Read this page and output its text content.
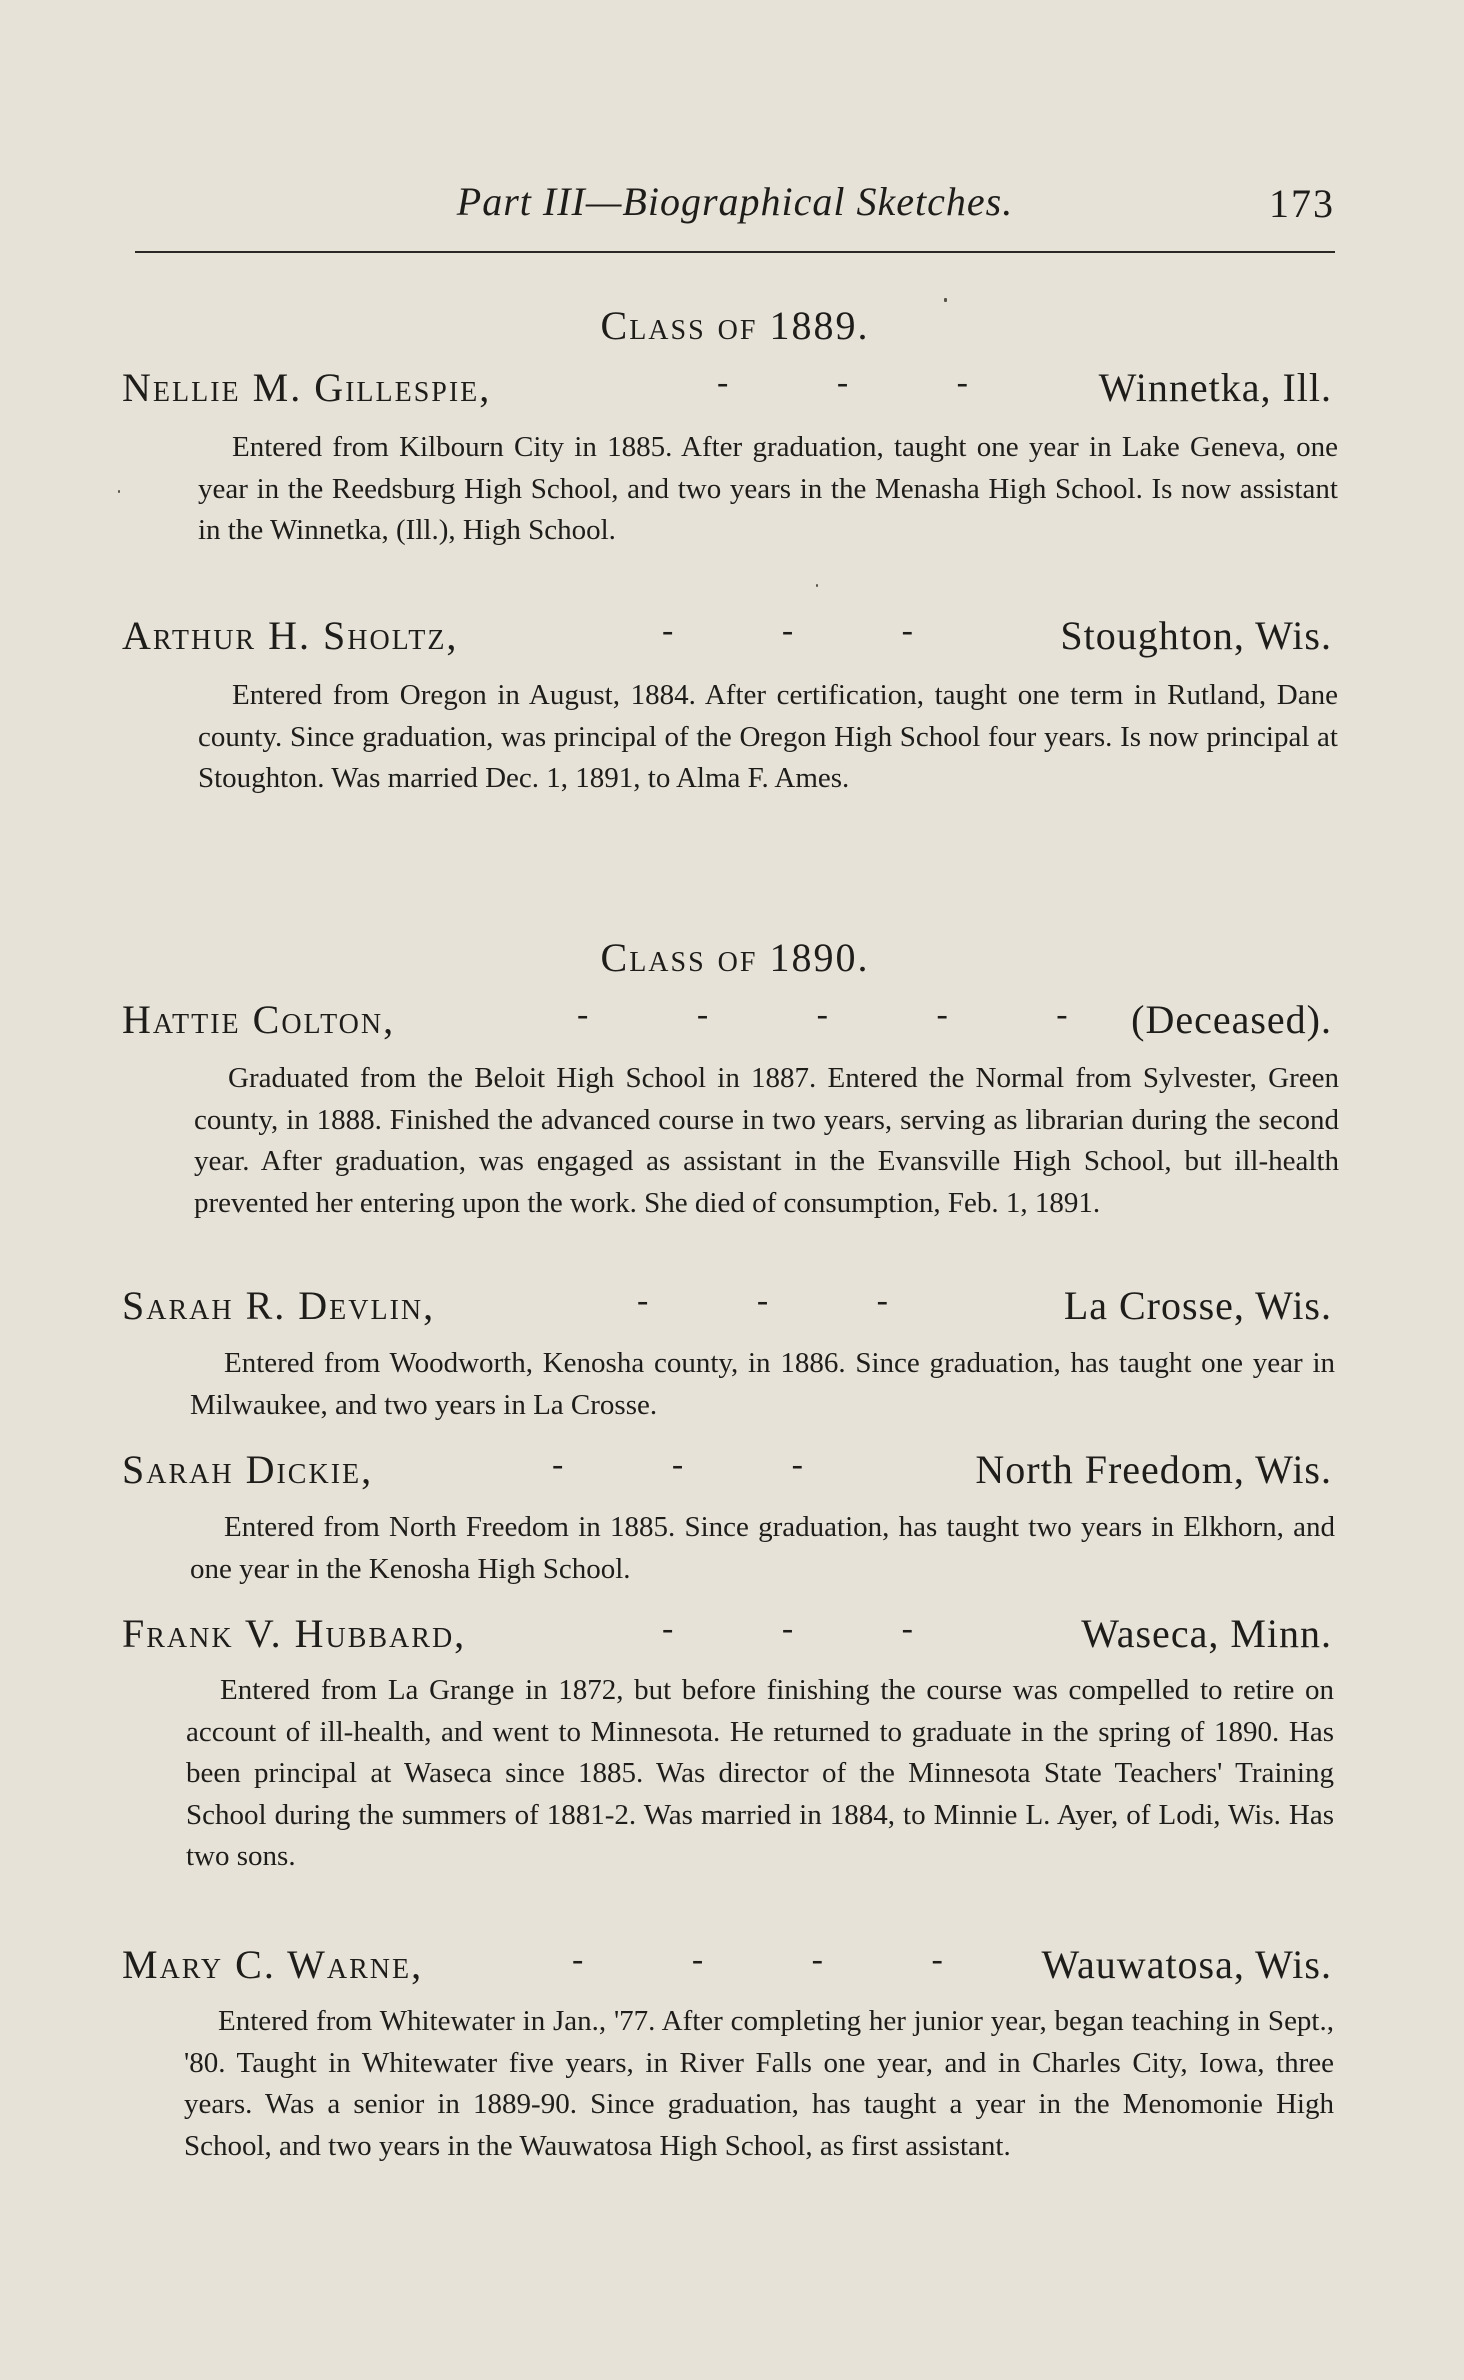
Part III—Biographical Sketches.	173
Class of 1889.
Nellie M. Gillespie,	- - - Winnetka, Ill.

Entered from Kilbourn City in 1885. After graduation, taught one year in Lake Geneva, one year in the Reedsburg High School, and two years in the Menasha High School. Is now assistant in the Winnetka, (Ill.), High School.

Arthur H. Sholtz,	- - - Stoughton, Wis.

Entered from Oregon in August, 1884. After certification, taught one term in Rutland, Dane county. Since graduation, was principal of the Oregon High School four years. Is now principal at Stoughton. Was married Dec. 1, 1891, to Alma F. Ames.

Class of 1890.
Hattie Colton,	- - - - - (Deceased).

Graduated from the Beloit High School in 1887. Entered the Normal from Sylvester, Green county, in 1888. Finished the advanced course in two years, serving as librarian during the second year. After graduation, was engaged as assistant in the Evansville High School, but ill-health prevented her entering upon the work. She died of consumption, Feb. 1, 1891.

Sarah R. Devlin,	- - -	La Crosse, Wis.

Entered from Woodworth, Kenosha county, in 1886. Since graduation, has taught one year in Milwaukee, and two years in La Crosse.

Sarah Dickie,	- - -	North Freedom, Wis.

Entered from North Freedom in 1885. Since graduation, has taught two years in Elkhorn, and one year in the Kenosha High School.

Frank V. Hubbard,	- - -	Waseca, Minn.

Entered from La Grange in 1872, but before finishing the course was compelled to retire on account of ill-health, and went to Minnesota. He returned to graduate in the spring of 1890. Has been principal at Waseca since 1885. Was director of the Minnesota State Teachers' Training School during the summers of 1881-2. Was married in 1884, to Minnie L. Ayer, of Lodi, Wis. Has two sons.

Mary C. Warne,	- - - - Wauwatosa, Wis.

Entered from Whitewater in Jan., '77. After completing her junior year, began teaching in Sept., '80. Taught in Whitewater five years, in River Falls one year, and in Charles City, Iowa, three years. Was a senior in 1889-90. Since graduation, has taught a year in the Menomonie High School, and two years in the Wauwatosa High School, as first assistant.
